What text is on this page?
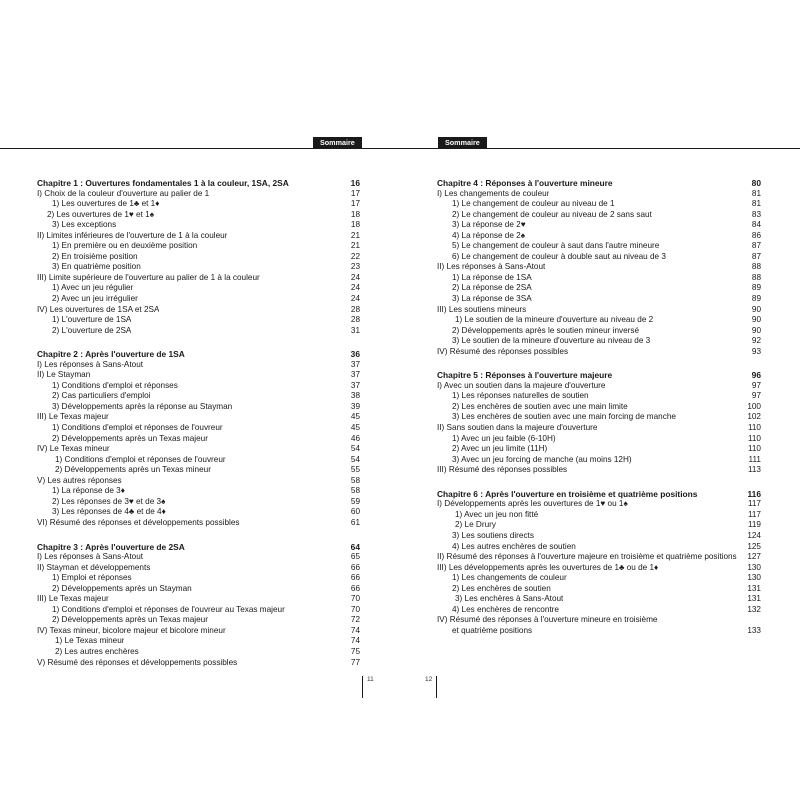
Sommaire	Sommaire
Chapitre 1 : Ouvertures fondamentales 1 à la couleur, 1SA, 2SA	16
I) Choix de la couleur d'ouverture au palier de 1	17
1) Les ouvertures de 1♣ et 1♦	17
2) Les ouvertures de 1♥ et 1♠	18
3) Les exceptions	18
II) Limites inférieures de l'ouverture de 1 à la couleur	21
1) En première ou en deuxième position	21
2) En troisième position	22
3) En quatrième position	23
III) Limite supérieure de l'ouverture au palier de 1 à la couleur	24
1) Avec un jeu régulier	24
2) Avec un jeu irrégulier	24
IV) Les ouvertures de 1SA et 2SA	28
1) L'ouverture de 1SA	28
2) L'ouverture de 2SA	31
Chapitre 2 : Après l'ouverture de 1SA	36
I) Les réponses à Sans-Atout	37
II) Le Stayman	37
1) Conditions d'emploi et réponses	37
2) Cas particuliers d'emploi	38
3) Développements après la réponse au Stayman	39
III) Le Texas majeur	45
1) Conditions d'emploi et réponses de l'ouvreur	45
2) Développements après un Texas majeur	46
IV) Le Texas mineur	54
1) Conditions d'emploi et réponses de l'ouvreur	54
2) Développements après un Texas mineur	55
V) Les autres réponses	58
1) La réponse de 3♦	58
2) Les réponses de 3♥ et de 3♠	59
3) Les réponses de 4♣ et de 4♦	60
VI) Résumé des réponses et développements possibles	61
Chapitre 3 : Après l'ouverture de 2SA	64
I) Les réponses à Sans-Atout	65
II) Stayman et développements	66
1) Emploi et réponses	66
2) Développements après un Stayman	66
III) Le Texas majeur	70
1) Conditions d'emploi et réponses de l'ouvreur au Texas majeur	70
2) Développements après un Texas majeur	72
IV) Texas mineur, bicolore majeur et bicolore mineur	74
1) Le Texas mineur	74
2) Les autres enchères	75
V) Résumé des réponses et développements possibles	77
Chapitre 4 : Réponses à l'ouverture mineure	80
I) Les changements de couleur	81
1) Le changement de couleur au niveau de 1	81
2) Le changement de couleur au niveau de 2 sans saut	83
3) La réponse de 2♥	84
4) La réponse de 2♠	86
5) Le changement de couleur à saut dans l'autre mineure	87
6) Le changement de couleur à double saut au niveau de 3	87
II) Les réponses à Sans-Atout	88
1) La réponse de 1SA	88
2) La réponse de 2SA	89
3) La réponse de 3SA	89
III) Les soutiens mineurs	90
1) Le soutien de la mineure d'ouverture au niveau de 2	90
2) Développements après le soutien mineur inversé	90
3) Le soutien de la mineure d'ouverture au niveau de 3	92
IV) Résumé des réponses possibles	93
Chapitre 5 : Réponses à l'ouverture majeure	96
I) Avec un soutien dans la majeure d'ouverture	97
1) Les réponses naturelles de soutien	97
2) Les enchères de soutien avec une main limite	100
3) Les enchères de soutien avec une main forcing de manche	102
II) Sans soutien dans la majeure d'ouverture	110
1) Avec un jeu faible (6-10H)	110
2) Avec un jeu limite (11H)	110
3) Avec un jeu forcing de manche (au moins 12H)	111
III) Résumé des réponses possibles	113
Chapitre 6 : Après l'ouverture en troisième et quatrième positions	116
I) Développements après les ouvertures de 1♥ ou 1♠	117
1) Avec un jeu non fitté	117
2) Le Drury	119
3) Les soutiens directs	124
4) Les autres enchères de soutien	125
II) Résumé des réponses à l'ouverture majeure en troisième et quatrième positions	127
III) Les développements après les ouvertures de 1♣ ou de 1♦	130
1) Les changements de couleur	130
2) Les enchères de soutien	131
3) Les enchères à Sans-Atout	131
4) Les enchères de rencontre	132
IV) Résumé des réponses à l'ouverture mineure en troisième
et quatrième positions	133
11	12
